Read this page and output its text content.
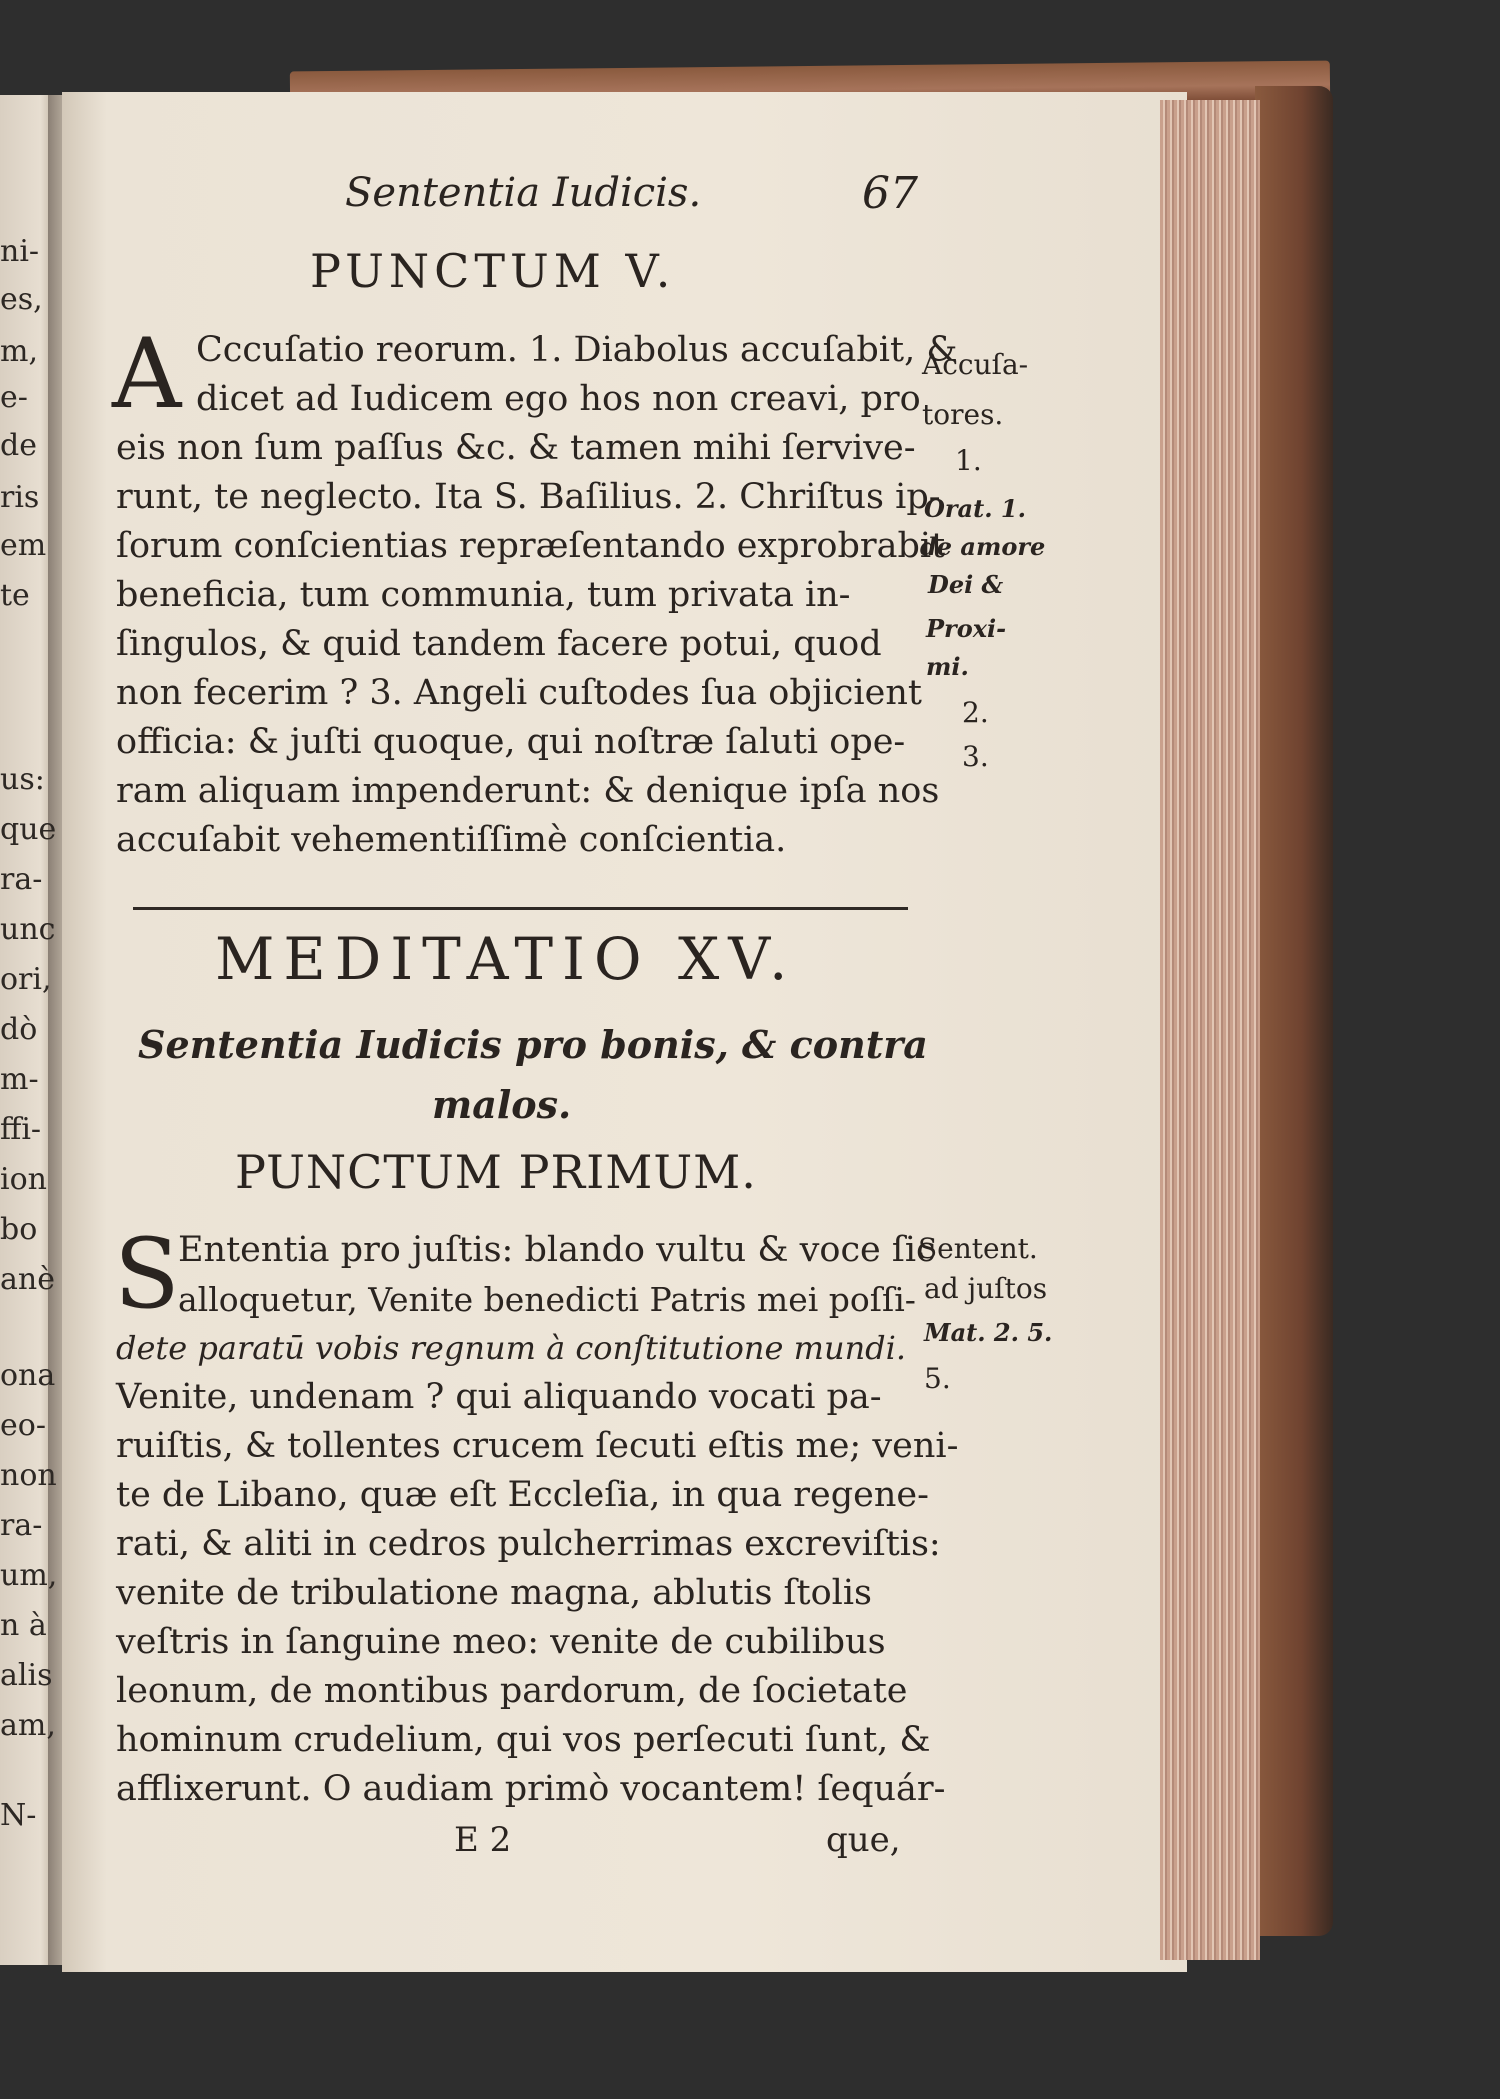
ni-
es,
m,
e-
de
ris
em
te
us:
que
ra-
unc
ori,
dò
m-
ffi-
ion
bo
anè
ona
eo-
non
ra-
um,
n à
alis
am,
N-
Sententia Iudicis.	67
PUNCTUM V.
A Cccuſatio reorum. 1. Diabolus accuſabit, &
dicet ad Iudicem ego hos non creavi, pro
eis non ſum paſſus &c. & tamen mihi ſervive-
runt, te neglecto. Ita S. Baſilius. 2. Chriſtus ip-
ſorum conſcientias repræſentando exprobrabit
beneficia, tum communia, tum privata in-
ſingulos, & quid tandem facere potui, quod
non fecerim ? 3. Angeli cuſtodes ſua objicient
officia: & juſti quoque, qui noſtræ ſaluti ope-
ram aliquam impenderunt: & denique ipſa nos
accuſabit vehementiſſimè conſcientia.
Accuſa-
tores.
1.
Orat. 1.
de amore
Dei &
Proxi-
mi.
2.
3.
MEDITATIO XV.
Sententia Iudicis pro bonis, & contra
malos.
PUNCTUM PRIMUM.
S
Ententia pro juſtis: blando vultu & voce ſic
alloquetur, Venite benedicti Patris mei poſſi-
dete paratū vobis regnum à conſtitutione mundi.
Venite, undenam ? qui aliquando vocati pa-
ruiſtis, & tollentes crucem ſecuti eſtis me; veni-
te de Libano, quæ eſt Eccleſia, in qua regene-
rati, & aliti in cedros pulcherrimas excreviſtis:
venite de tribulatione magna, ablutis ſtolis
veſtris in ſanguine meo: venite de cubilibus
leonum, de montibus pardorum, de ſocietate
hominum crudelium, qui vos perſecuti ſunt, &
afflixerunt. O audiam primò vocantem! ſequár-
Sentent.
ad juſtos
Mat. 2. 5.
5.
E 2	que,
